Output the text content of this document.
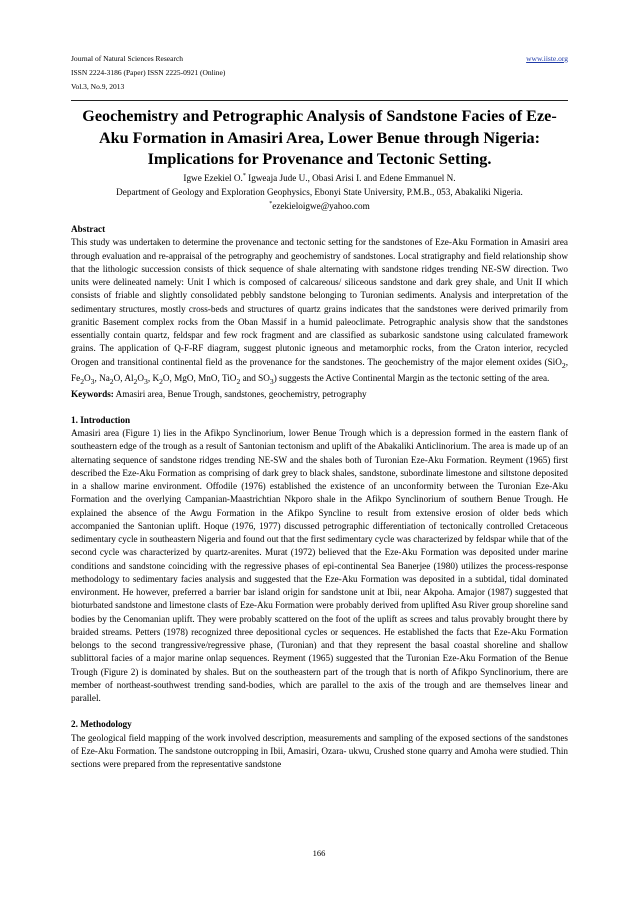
Journal of Natural Sciences Research
ISSN 2224-3186 (Paper) ISSN 2225-0921 (Online)
Vol.3, No.9, 2013
www.iiste.org
Geochemistry and Petrographic Analysis of Sandstone Facies of Eze-Aku Formation in Amasiri Area, Lower Benue through Nigeria: Implications for Provenance and Tectonic Setting.
Igwe Ezekiel O.* Igweaja Jude U., Obasi Arisi I. and Edene Emmanuel N.
Department of Geology and Exploration Geophysics, Ebonyi State University, P.M.B., 053, Abakaliki Nigeria.
*ezekieloigwe@yahoo.com

Abstract

This study was undertaken to determine the provenance and tectonic setting for the sandstones of Eze-Aku Formation in Amasiri area through evaluation and re-appraisal of the petrography and geochemistry of sandstones. Local stratigraphy and field relationship show that the lithologic succession consists of thick sequence of shale alternating with sandstone ridges trending NE-SW direction. Two units were delineated namely: Unit I which is composed of calcareous/ siliceous sandstone and dark grey shale, and Unit II which consists of friable and slightly consolidated pebbly sandstone belonging to Turonian sediments. Analysis and interpretation of the sedimentary structures, mostly cross-beds and structures of quartz grains indicates that the sandstones were derived primarily from granitic Basement complex rocks from the Oban Massif in a humid paleoclimate. Petrographic analysis show that the sandstones essentially contain quartz, feldspar and few rock fragment and are classified as subarkosic sandstone using calculated framework grains. The application of Q-F-RF diagram, suggest plutonic igneous and metamorphic rocks, from the Craton interior, recycled Orogen and transitional continental field as the provenance for the sandstones. The geochemistry of the major element oxides (SiO$_2$, $Fe_2O_3$, $Na_2O$, $Al_2O_3$, $K_2O$, MgO, MnO, TiO$_2$ and $SO_3$) suggests the Active Continental Margin as the tectonic setting of the area.

Keywords: Amasiri area, Benue Trough, sandstones, geochemistry, petrography

1. Introduction

Amasiri area (Figure 1) lies in the Afikpo Synclinorium, lower Benue Trough which is a depression formed in the eastern flank of southeastern edge of the trough as a result of Santonian tectonism and uplift of the Abakaliki Anticlinorium. The area is made up of an alternating sequence of sandstone ridges trending NE-SW and the shales both of Turonian Eze-Aku Formation. Reyment (1965) first described the Eze-Aku Formation as comprising of dark grey to black shales, sandstone, subordinate limestone and siltstone deposited in a shallow marine environment. Offodile (1976) established the existence of an unconformity between the Turonian Eze-Aku Formation and the overlying Campanian-Maastrichtian Nkporo shale in the Afikpo Synclinorium of southern Benue Trough. He explained the absence of the Awgu Formation in the Afikpo Syncline to result from extensive erosion of older beds which accompanied the Santonian uplift. Hoque (1976, 1977) discussed petrographic differentiation of tectonically controlled Cretaceous sedimentary cycle in southeastern Nigeria and found out that the first sedimentary cycle was characterized by feldspar while that of the second cycle was characterized by quartz-arenites. Murat (1972) believed that the Eze-Aku Formation was deposited under marine conditions and sandstone coinciding with the regressive phases of epi-continental Sea Banerjee (1980) utilizes the process-response methodology to sedimentary facies analysis and suggested that the Eze-Aku Formation was deposited in a subtidal, tidal dominated environment. He however, preferred a barrier bar island origin for sandstone unit at Ibii, near Akpoha. Amajor (1987) suggested that bioturbated sandstone and limestone clasts of Eze-Aku Formation were probably derived from uplifted Asu River group shoreline sand bodies by the Cenomanian uplift. They were probably scattered on the foot of the uplift as screes and talus provably brought there by braided streams. Petters (1978) recognized three depositional cycles or sequences. He established the facts that Eze-Aku Formation belongs to the second trangressive/regressive phase, (Turonian) and that they represent the basal coastal shoreline and shallow sublittoral facies of a major marine onlap sequences. Reyment (1965) suggested that the Turonian Eze-Aku Formation of the Benue Trough (Figure 2) is dominated by shales. But on the southeastern part of the trough that is north of Afikpo Synclinorium, there are member of northeast-southwest trending sand-bodies, which are parallel to the axis of the trough and are themselves linear and parallel.

2. Methodology

The geological field mapping of the work involved description, measurements and sampling of the exposed sections of the sandstones of Eze-Aku Formation. The sandstone outcropping in Ibii, Amasiri, Ozara- ukwu, Crushed stone quarry and Amoha were studied. Thin sections were prepared from the representative sandstone

166
